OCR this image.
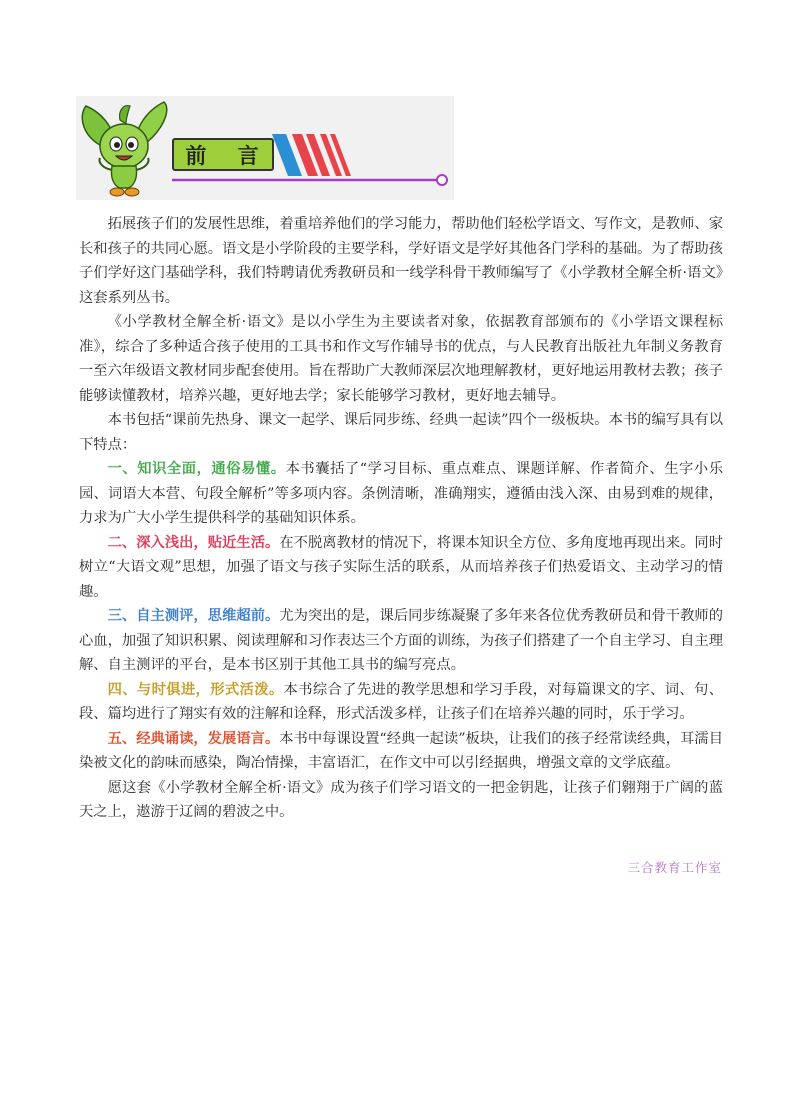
前 言

拓展孩子们的发展性思维，着重培养他们的学习能力，帮助他们轻松学语文、写作文，是教师、家长和孩子的共同心愿。语文是小学阶段的主要学科，学好语文是学好其他各门学科的基础。为了帮助孩子们学好这门基础学科，我们特聘请优秀教研员和一线学科骨干教师编写了《小学教材全解全析·语文》这套系列丛书。

《小学教材全解全析·语文》是以小学生为主要读者对象，依据教育部颁布的《小学语文课程标准》，综合了多种适合孩子使用的工具书和作文写作辅导书的优点，与人民教育出版社九年制义务教育一至六年级语文教材同步配套使用。旨在帮助广大教师深层次地理解教材，更好地运用教材去教；孩子能够读懂教材，培养兴趣，更好地去学；家长能够学习教材，更好地去辅导。

本书包括“课前先热身、课文一起学、课后同步练、经典一起读”四个一级板块。本书的编写具有以下特点：

一、知识全面，通俗易懂。本书囊括了“学习目标、重点难点、课题详解、作者简介、生字小乐园、词语大本营、句段全解析”等多项内容。条例清晰，准确翔实，遵循由浅入深、由易到难的规律，力求为广大小学生提供科学的基础知识体系。

二、深入浅出，贴近生活。在不脱离教材的情况下，将课本知识全方位、多角度地再现出来。同时树立“大语文观”思想，加强了语文与孩子实际生活的联系，从而培养孩子们热爱语文、主动学习的情趣。

三、自主测评，思维超前。尤为突出的是，课后同步练凝聚了多年来各位优秀教研员和骨干教师的心血，加强了知识积累、阅读理解和习作表达三个方面的训练，为孩子们搭建了一个自主学习、自主理解、自主测评的平台，是本书区别于其他工具书的编写亮点。

四、与时俱进，形式活泼。本书综合了先进的教学思想和学习手段，对每篇课文的字、词、句、段、篇均进行了翔实有效的注解和诠释，形式活泼多样，让孩子们在培养兴趣的同时，乐于学习。

五、经典诵读，发展语言。本书中每课设置“经典一起读”板块，让我们的孩子经常读经典，耳濡目染被文化的韵味而感染，陶冶情操，丰富语汇，在作文中可以引经据典，增强文章的文学底蕴。

愿这套《小学教材全解全析·语文》成为孩子们学习语文的一把金钥匙，让孩子们翱翔于广阔的蓝天之上，遨游于辽阔的碧波之中。

三合教育工作室
